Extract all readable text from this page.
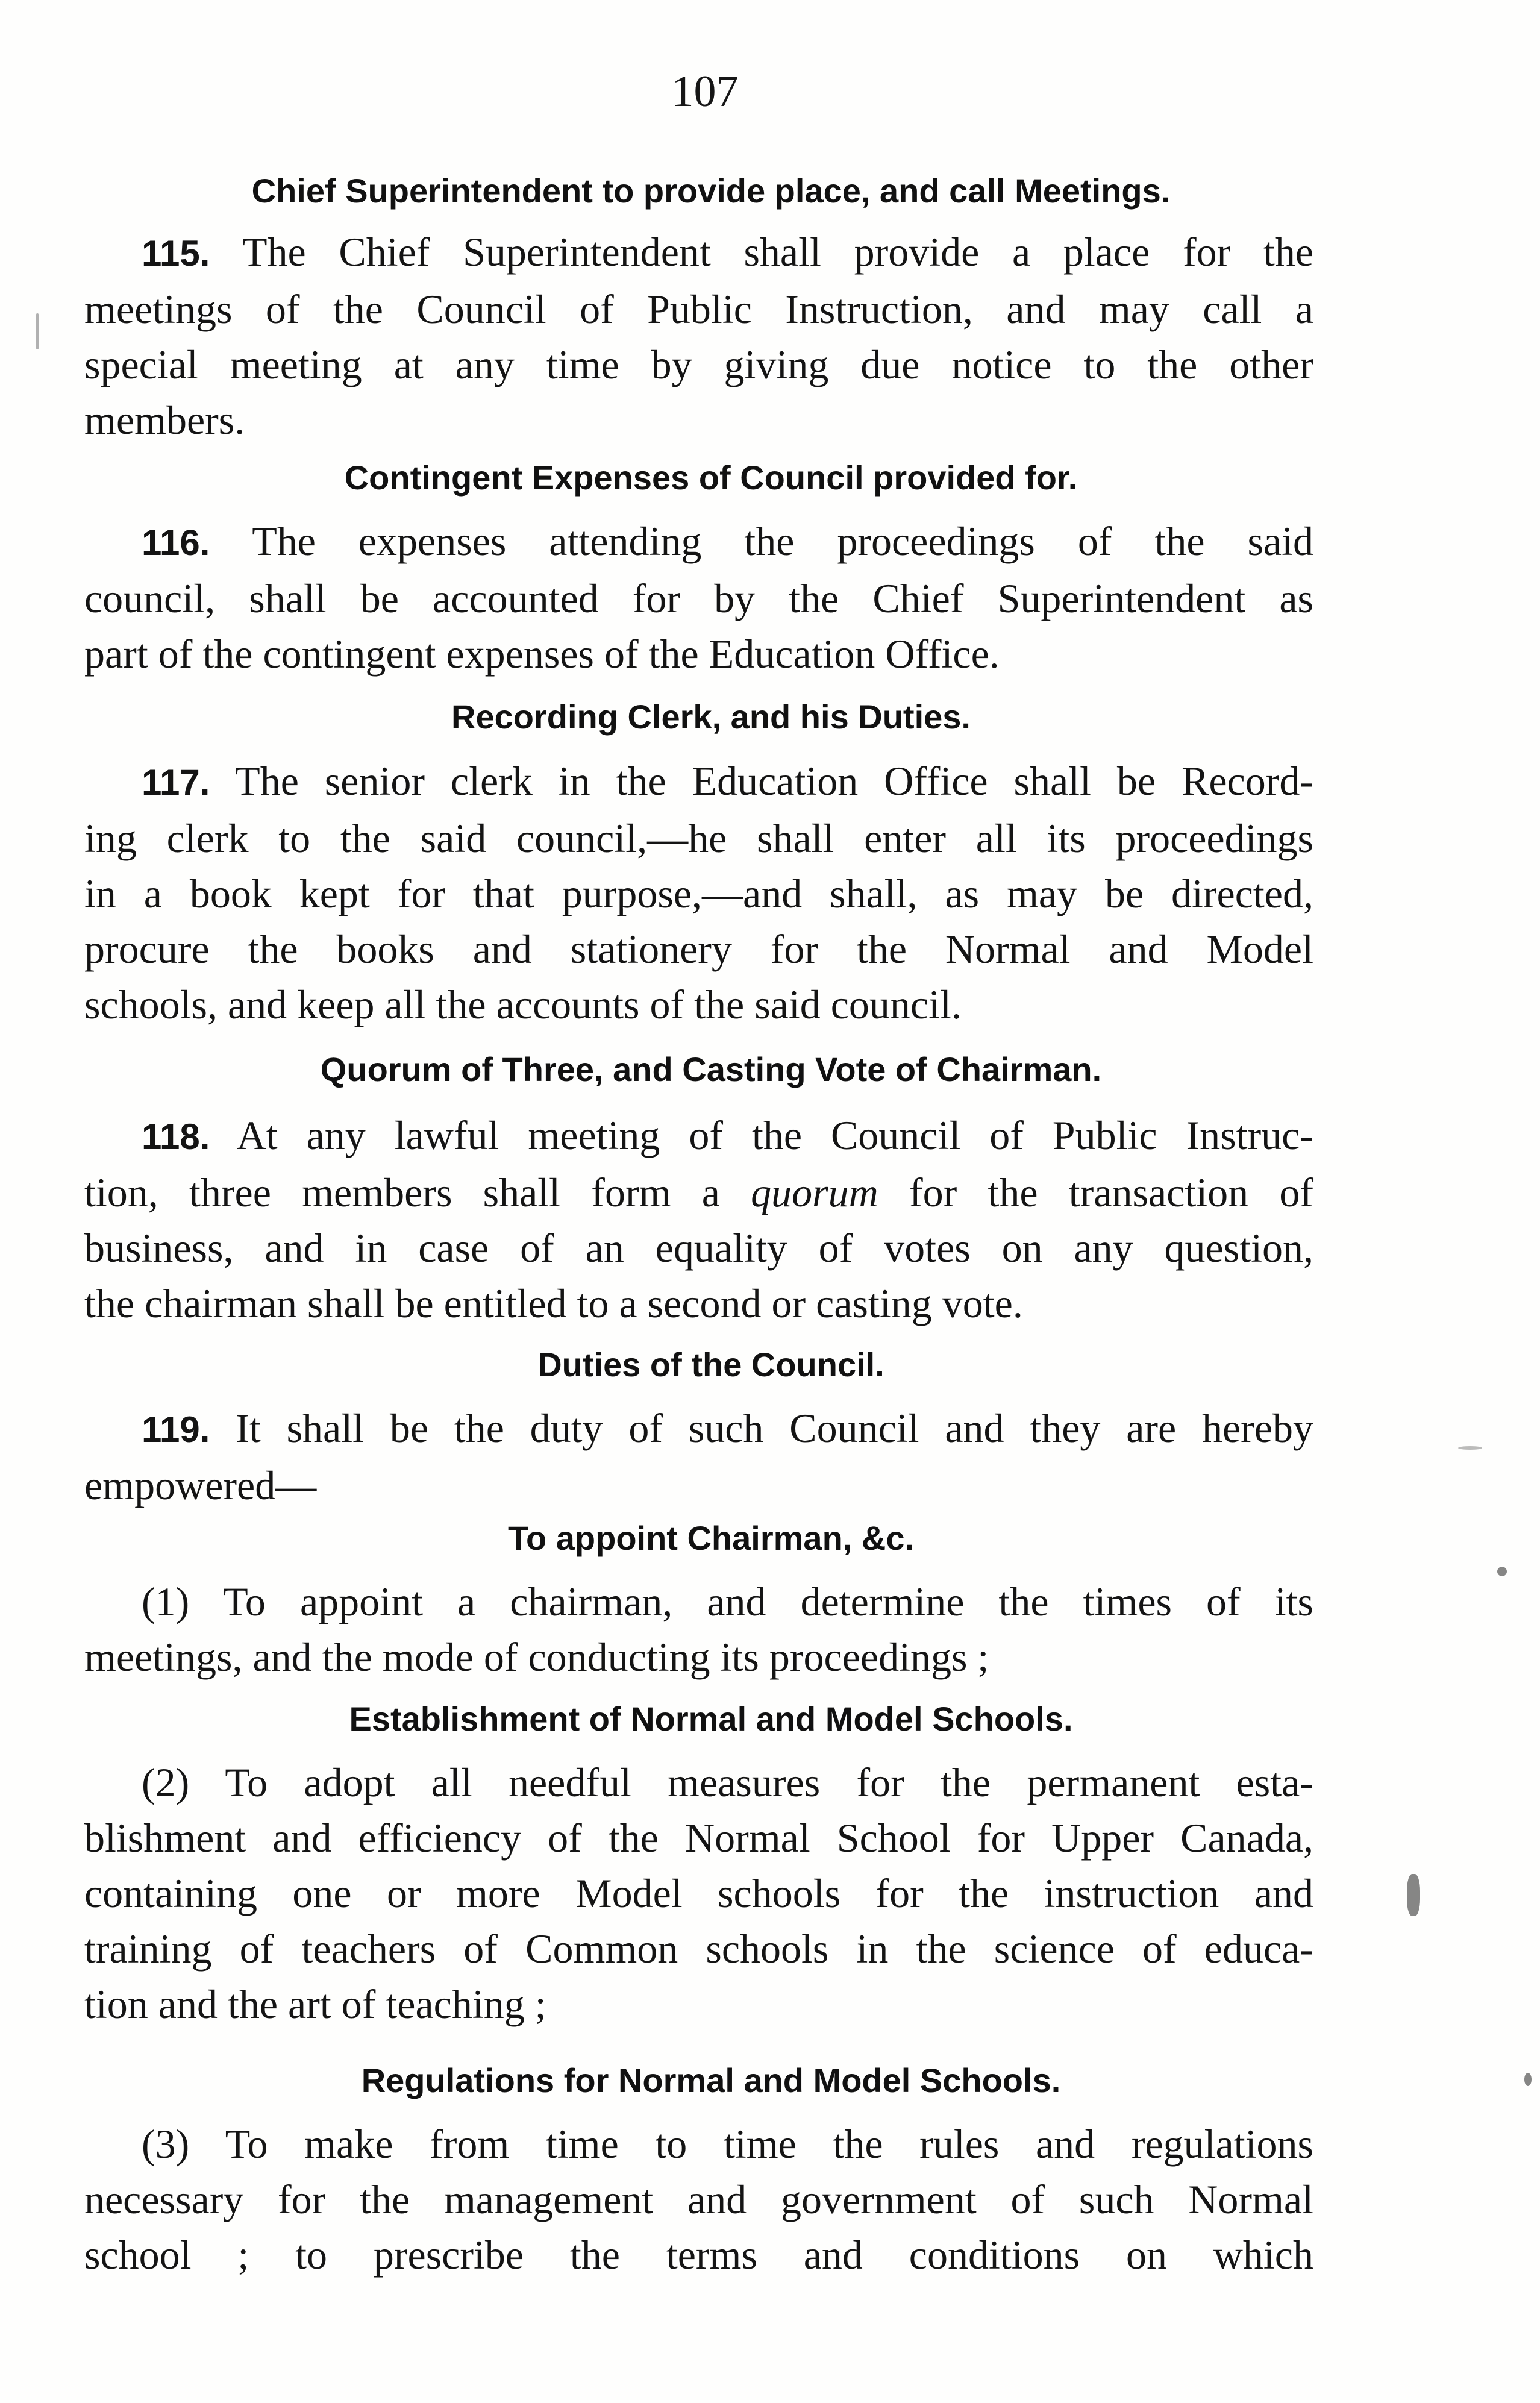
107
Chief Superintendent to provide place, and call Meetings.
115. The Chief Superintendent shall provide a place for the
meetings of the Council of Public Instruction, and may call a
special meeting at any time by giving due notice to the other
members.
Contingent Expenses of Council provided for.
116. The expenses attending the proceedings of the said
council, shall be accounted for by the Chief Superintendent as
part of the contingent expenses of the Education Office.
Recording Clerk, and his Duties.
117. The senior clerk in the Education Office shall be Record-
ing clerk to the said council,—he shall enter all its proceedings
in a book kept for that purpose,—and shall, as may be directed,
procure the books and stationery for the Normal and Model
schools, and keep all the accounts of the said council.
Quorum of Three, and Casting Vote of Chairman.
118. At any lawful meeting of the Council of Public Instruc-
tion, three members shall form a quorum for the transaction of
business, and in case of an equality of votes on any question,
the chairman shall be entitled to a second or casting vote.
Duties of the Council.
119. It shall be the duty of such Council and they are hereby
empowered—
To appoint Chairman, &c.
(1) To appoint a chairman, and determine the times of its
meetings, and the mode of conducting its proceedings ;
Establishment of Normal and Model Schools.
(2) To adopt all needful measures for the permanent esta-
blishment and efficiency of the Normal School for Upper Canada,
containing one or more Model schools for the instruction and
training of teachers of Common schools in the science of educa-
tion and the art of teaching ;
Regulations for Normal and Model Schools.
(3) To make from time to time the rules and regulations
necessary for the management and government of such Normal
school ; to prescribe the terms and conditions on which
